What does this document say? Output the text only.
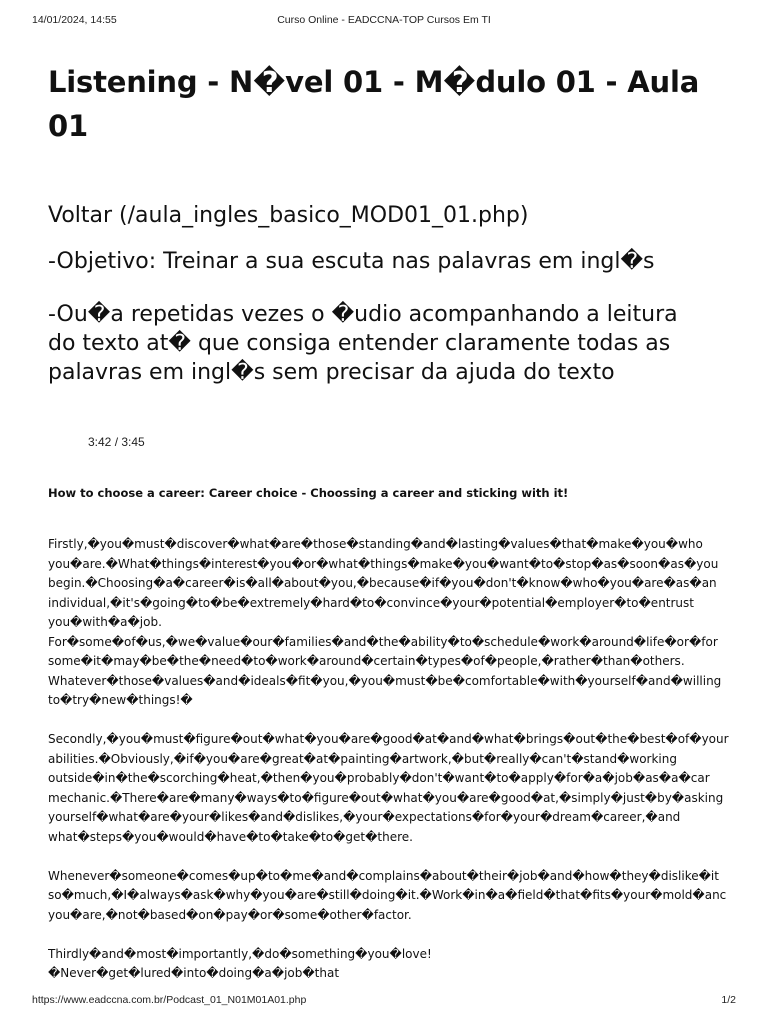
14/01/2024, 14:55	Curso Online - EADCCNA-TOP Cursos Em TI
Listening - N�vel 01 - M�dulo 01 - Aula 01
Voltar (/aula_ingles_basico_MOD01_01.php)
-Objetivo: Treinar a sua escuta nas palavras em ingl�s
-Ou�a repetidas vezes o �udio acompanhando a leitura
do texto at� que consiga entender claramente todas as
palavras em ingl�s sem precisar da ajuda do texto
3:42 / 3:45
How to choose a career: Career choice - Choossing a career and sticking with it!
Firstly,�you�must�discover�what�are�those�standing�and�lasting�values�that�make�you�who
you�are.�What�things�interest�you�or�what�things�make�you�want�to�stop�as�soon�as�you
begin.�Choosing�a�career�is�all�about�you,�because�if�you�don't�know�who�you�are�as�an
individual,�it's�going�to�be�extremely�hard�to�convince�your�potential�employer�to�entrust
you�with�a�job.
For�some�of�us,�we�value�our�families�and�the�ability�to�schedule�work�around�life�or�for
some�it�may�be�the�need�to�work�around�certain�types�of�people,�rather�than�others.
Whatever�those�values�and�ideals�fit�you,�you�must�be�comfortable�with�yourself�and�willing
to�try�new�things!�
Secondly,�you�must�figure�out�what�you�are�good�at�and�what�brings�out�the�best�of�your
abilities.�Obviously,�if�you�are�great�at�painting�artwork,�but�really�can't�stand�working
outside�in�the�scorching�heat,�then�you�probably�don't�want�to�apply�for�a�job�as�a�car
mechanic.�There�are�many�ways�to�figure�out�what�you�are�good�at,�simply�just�by�asking
yourself�what�are�your�likes�and�dislikes,�your�expectations�for�your�dream�career,�and
what�steps�you�would�have�to�take�to�get�there.
Whenever�someone�comes�up�to�me�and�complains�about�their�job�and�how�they�dislike�it
so�much,�I�always�ask�why�you�are�still�doing�it.�Work�in�a�field�that�fits�your�mold�anc
you�are,�not�based�on�pay�or�some�other�factor.
Thirdly�and�most�importantly,�do�something�you�love!
�Never�get�lured�into�doing�a�job�that
https://www.eadccna.com.br/Podcast_01_N01M01A01.php	1/2
